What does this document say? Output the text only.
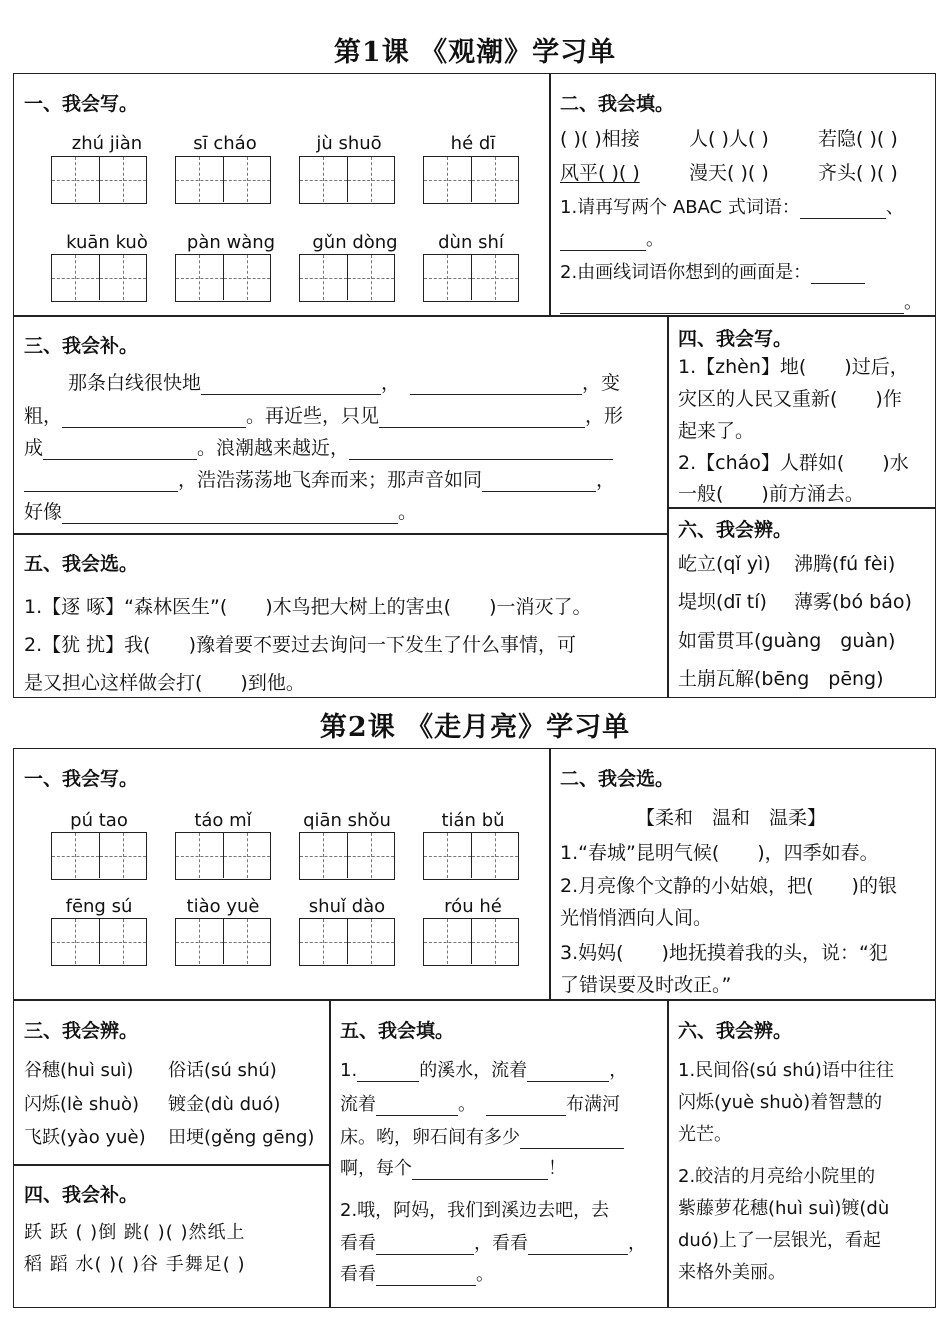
第1课 《观潮》学习单
一、我会写。
zhú jiàn	sī cháo	jù shuō	hé dī
kuān kuò	pàn wàng	gǔn dòng	dùn shí
二、我会填。
( )( )相接	人( )人( )	若隐( )( )
风平( )( )	漫天( )( )	齐头( )( )
1.请再写两个 ABAC 式词语：	、
。
2.由画线词语你想到的画面是：
。
三、我会补。
那条白线很快地	，	，变
粗，	。再近些，只见	，形
成	。浪潮越来越近，
，浩浩荡荡地飞奔而来；那声音如同	，
好像	。
四、我会写。
1.【zhèn】地(　　)过后，
灾区的人民又重新(　　)作
起来了。
2.【cháo】人群如(　　)水
一般(　　)前方涌去。
五、我会选。
1.【逐 啄】“森林医生”(　　)木鸟把大树上的害虫(　　)一消灭了。
2.【犹 扰】我(　　)豫着要不要过去询问一下发生了什么事情，可
是又担心这样做会打(　　)到他。
六、我会辨。
屹立(qǐ yì) 沸腾(fú fèi)
堤坝(dī tí) 薄雾(bó báo)
如雷贯耳(guàng　guàn)
土崩瓦解(bēng　pēng)
第2课 《走月亮》学习单
一、我会写。
pú tao	táo mǐ	qiān shǒu	tián bǔ
fēng sú	tiào yuè	shuǐ dào	róu hé
二、我会选。
【柔和　温和　温柔】
1.“春城”昆明气候(　　)，四季如春。
2.月亮像个文静的小姑娘，把(　　)的银
光悄悄洒向人间。
3.妈妈(　　)地抚摸着我的头，说：“犯
了错误要及时改正。”
三、我会辨。
谷穗(huì suì) 俗话(sú shú)
闪烁(lè shuò) 镀金(dù duó)
飞跃(yào yuè) 田埂(gěng gēng)
四、我会补。
跃 跃 ( )倒 跳( )( )然纸上
稻 蹈 水( )( )谷 手舞足( )
五、我会填。
1.	的溪水，流着	，
流着	。	布满河
床。哟，卵石间有多少
啊，每个	！
2.哦，阿妈，我们到溪边去吧，去
看看	，看看	，
看看	。
六、我会辨。
1.民间俗(sú shú)语中往往
闪烁(yuè shuò)着智慧的
光芒。
2.皎洁的月亮给小院里的
紫藤萝花穗(huì suì)镀(dù
duó)上了一层银光，看起
来格外美丽。
